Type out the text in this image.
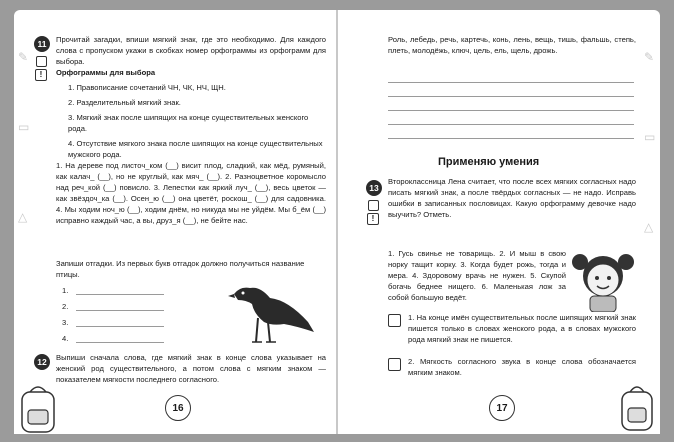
✎
▭
△
11
!
Прочитай загадки, впиши мягкий знак, где это необходимо. Для каждого слова с пропуском укажи в скобках номер орфограммы из орфограмм для выбора.
Орфограммы для выбора
1. Правописание сочетаний ЧН, ЧК, НЧ, ЩН.
2. Разделительный мягкий знак.
3. Мягкий знак после шипящих на конце существительных женского рода.
4. Отсутствие мягкого знака после шипящих на конце существительных мужского рода.
1. На дереве под листоч_ком (__) висит плод, сладкий, как мёд, румяный, как калач_ (__), но не круглый, как мяч_ (__). 2. Разноцветное коромысло над реч_кой (__) повисло. 3. Лепестки как яркий луч_ (__), весь цветок — как звёздоч_ка (__). Осен_ю (__) она цветёт, роскош_ (__) для садовника. 4. Мы ходим ноч_ю (__), ходим днём, но никуда мы не уйдём. Мы б_ём (__) исправно каждый час, а вы, друз_я (__), не бейте нас.
Запиши отгадки. Из первых букв отгадок должно получиться название птицы.
1.
2.
3.
4.
12	Выпиши сначала слова, где мягкий знак в конце слова указывает на женский род существительного, а потом слова с мягким знаком — показателем мягкости последнего согласного.
16
✎
▭
△
Роль, лебедь, речь, картечь, конь, лень, вещь, тишь, фальшь, степь, плеть, молодёжь, ключ, цель, ель, щель, дрожь.
Применяю умения
13
!
Второклассница Лена считает, что после всех мягких согласных надо писать мягкий знак, а после твёрдых согласных — не надо. Исправь ошибки в записанных пословицах. Какую орфограмму девочке надо выучить? Отметь.
1. Гусь свинье не товарищь. 2. И мыш в свою норку тащит корку. 3. Когда будет рожь, тогда и мера. 4. Здоровому врачь не нужен. 5. Скупой богачь беднее нищего. 6. Маленькая лож за собой большую ведёт.
1. На конце имён существительных после шипящих мягкий знак пишется только в словах женского рода, а в словах мужского рода мягкий знак не пишется.
2. Мягкость согласного звука в конце слова обозначается мягким знаком.
17
